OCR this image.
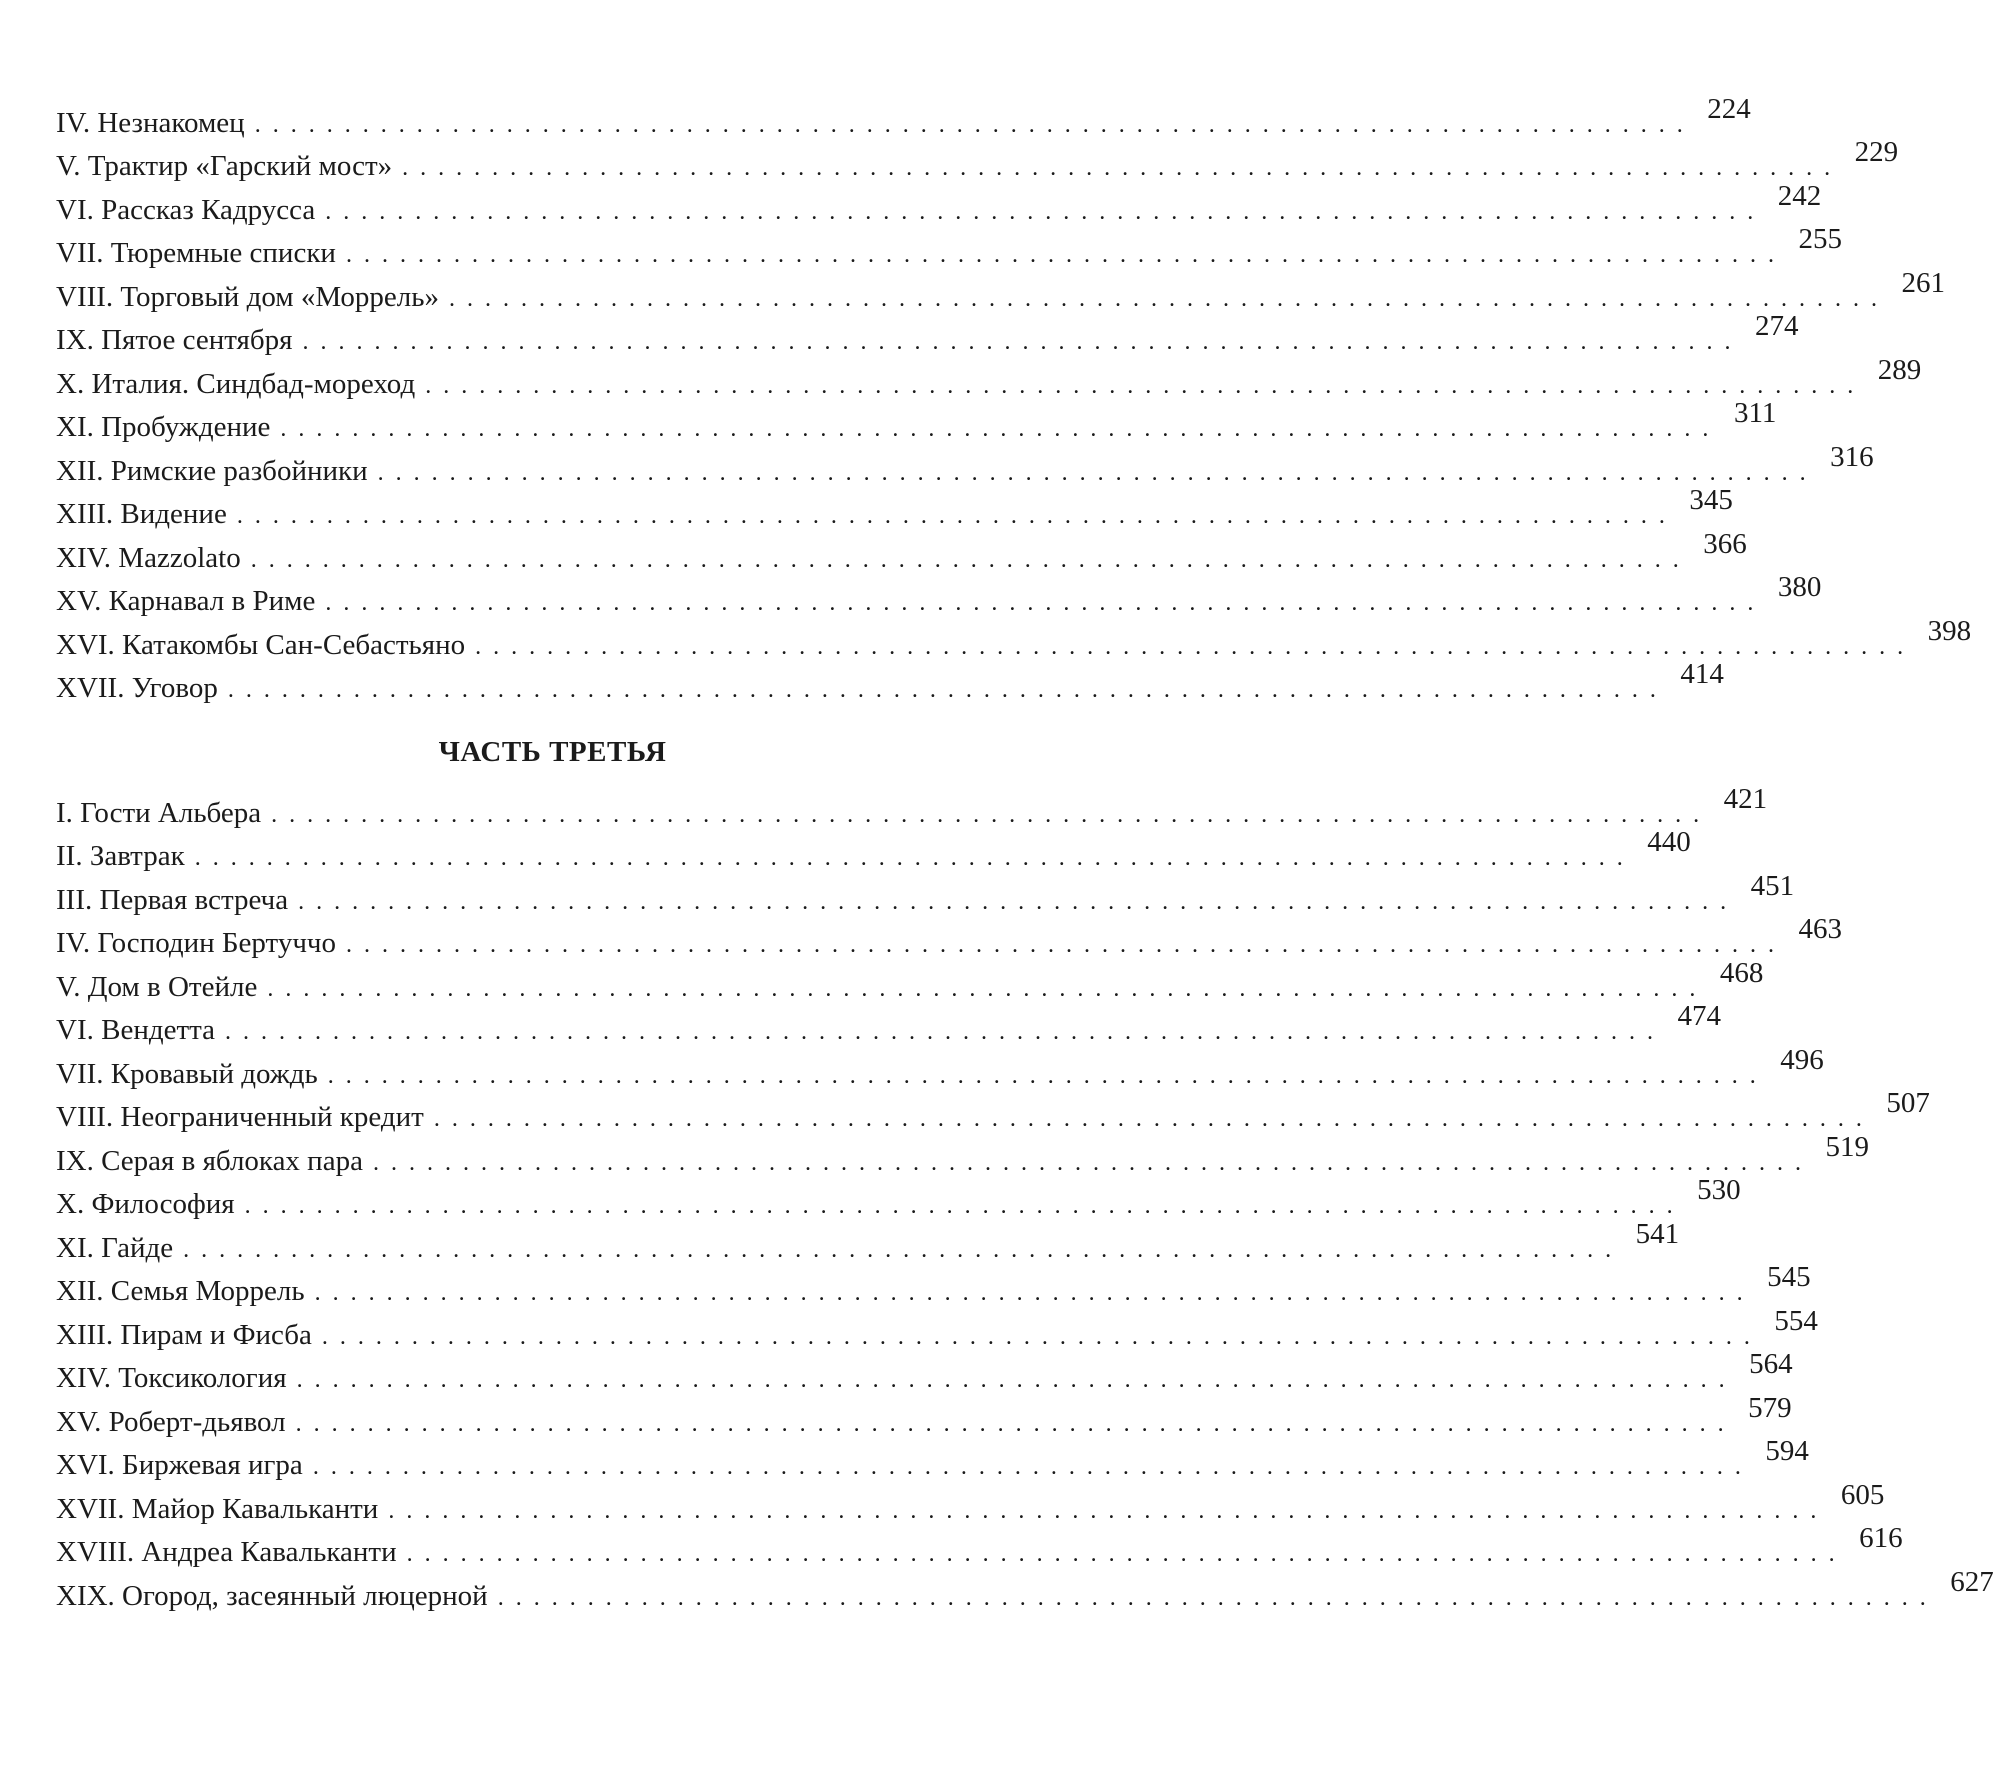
IV. Незнакомец ................................................................................ 224
V. Трактир «Гарский мост» ................................................................................ 229
VI. Рассказ Кадрусса ................................................................................ 242
VII. Тюремные списки ................................................................................ 255
VIII. Торговый дом «Моррель» ................................................................................ 261
IX. Пятое сентября ................................................................................ 274
X. Италия. Синдбад-мореход ................................................................................ 289
XI. Пробуждение ................................................................................ 311
XII. Римские разбойники ................................................................................ 316
XIII. Видение ................................................................................ 345
XIV. Mazzolato ................................................................................ 366
XV. Карнавал в Риме ................................................................................ 380
XVI. Катакомбы Сан-Себастьяно ................................................................................ 398
XVII. Уговор ................................................................................ 414
ЧАСТЬ ТРЕТЬЯ
I. Гости Альбера ................................................................................ 421
II. Завтрак ................................................................................ 440
III. Первая встреча ................................................................................ 451
IV. Господин Бертуччо ................................................................................ 463
V. Дом в Отейле ................................................................................ 468
VI. Вендетта ................................................................................ 474
VII. Кровавый дождь ................................................................................ 496
VIII. Неограниченный кредит ................................................................................ 507
IX. Серая в яблоках пара ................................................................................ 519
X. Философия ................................................................................ 530
XI. Гайде ................................................................................ 541
XII. Семья Моррель ................................................................................ 545
XIII. Пирам и Фисба ................................................................................ 554
XIV. Токсикология ................................................................................ 564
XV. Роберт-дьявол ................................................................................ 579
XVI. Биржевая игра ................................................................................ 594
XVII. Майор Кавальканти ................................................................................ 605
XVIII. Андреа Кавальканти ................................................................................ 616
XIX. Огород, засеянный люцерной ................................................................................ 627
